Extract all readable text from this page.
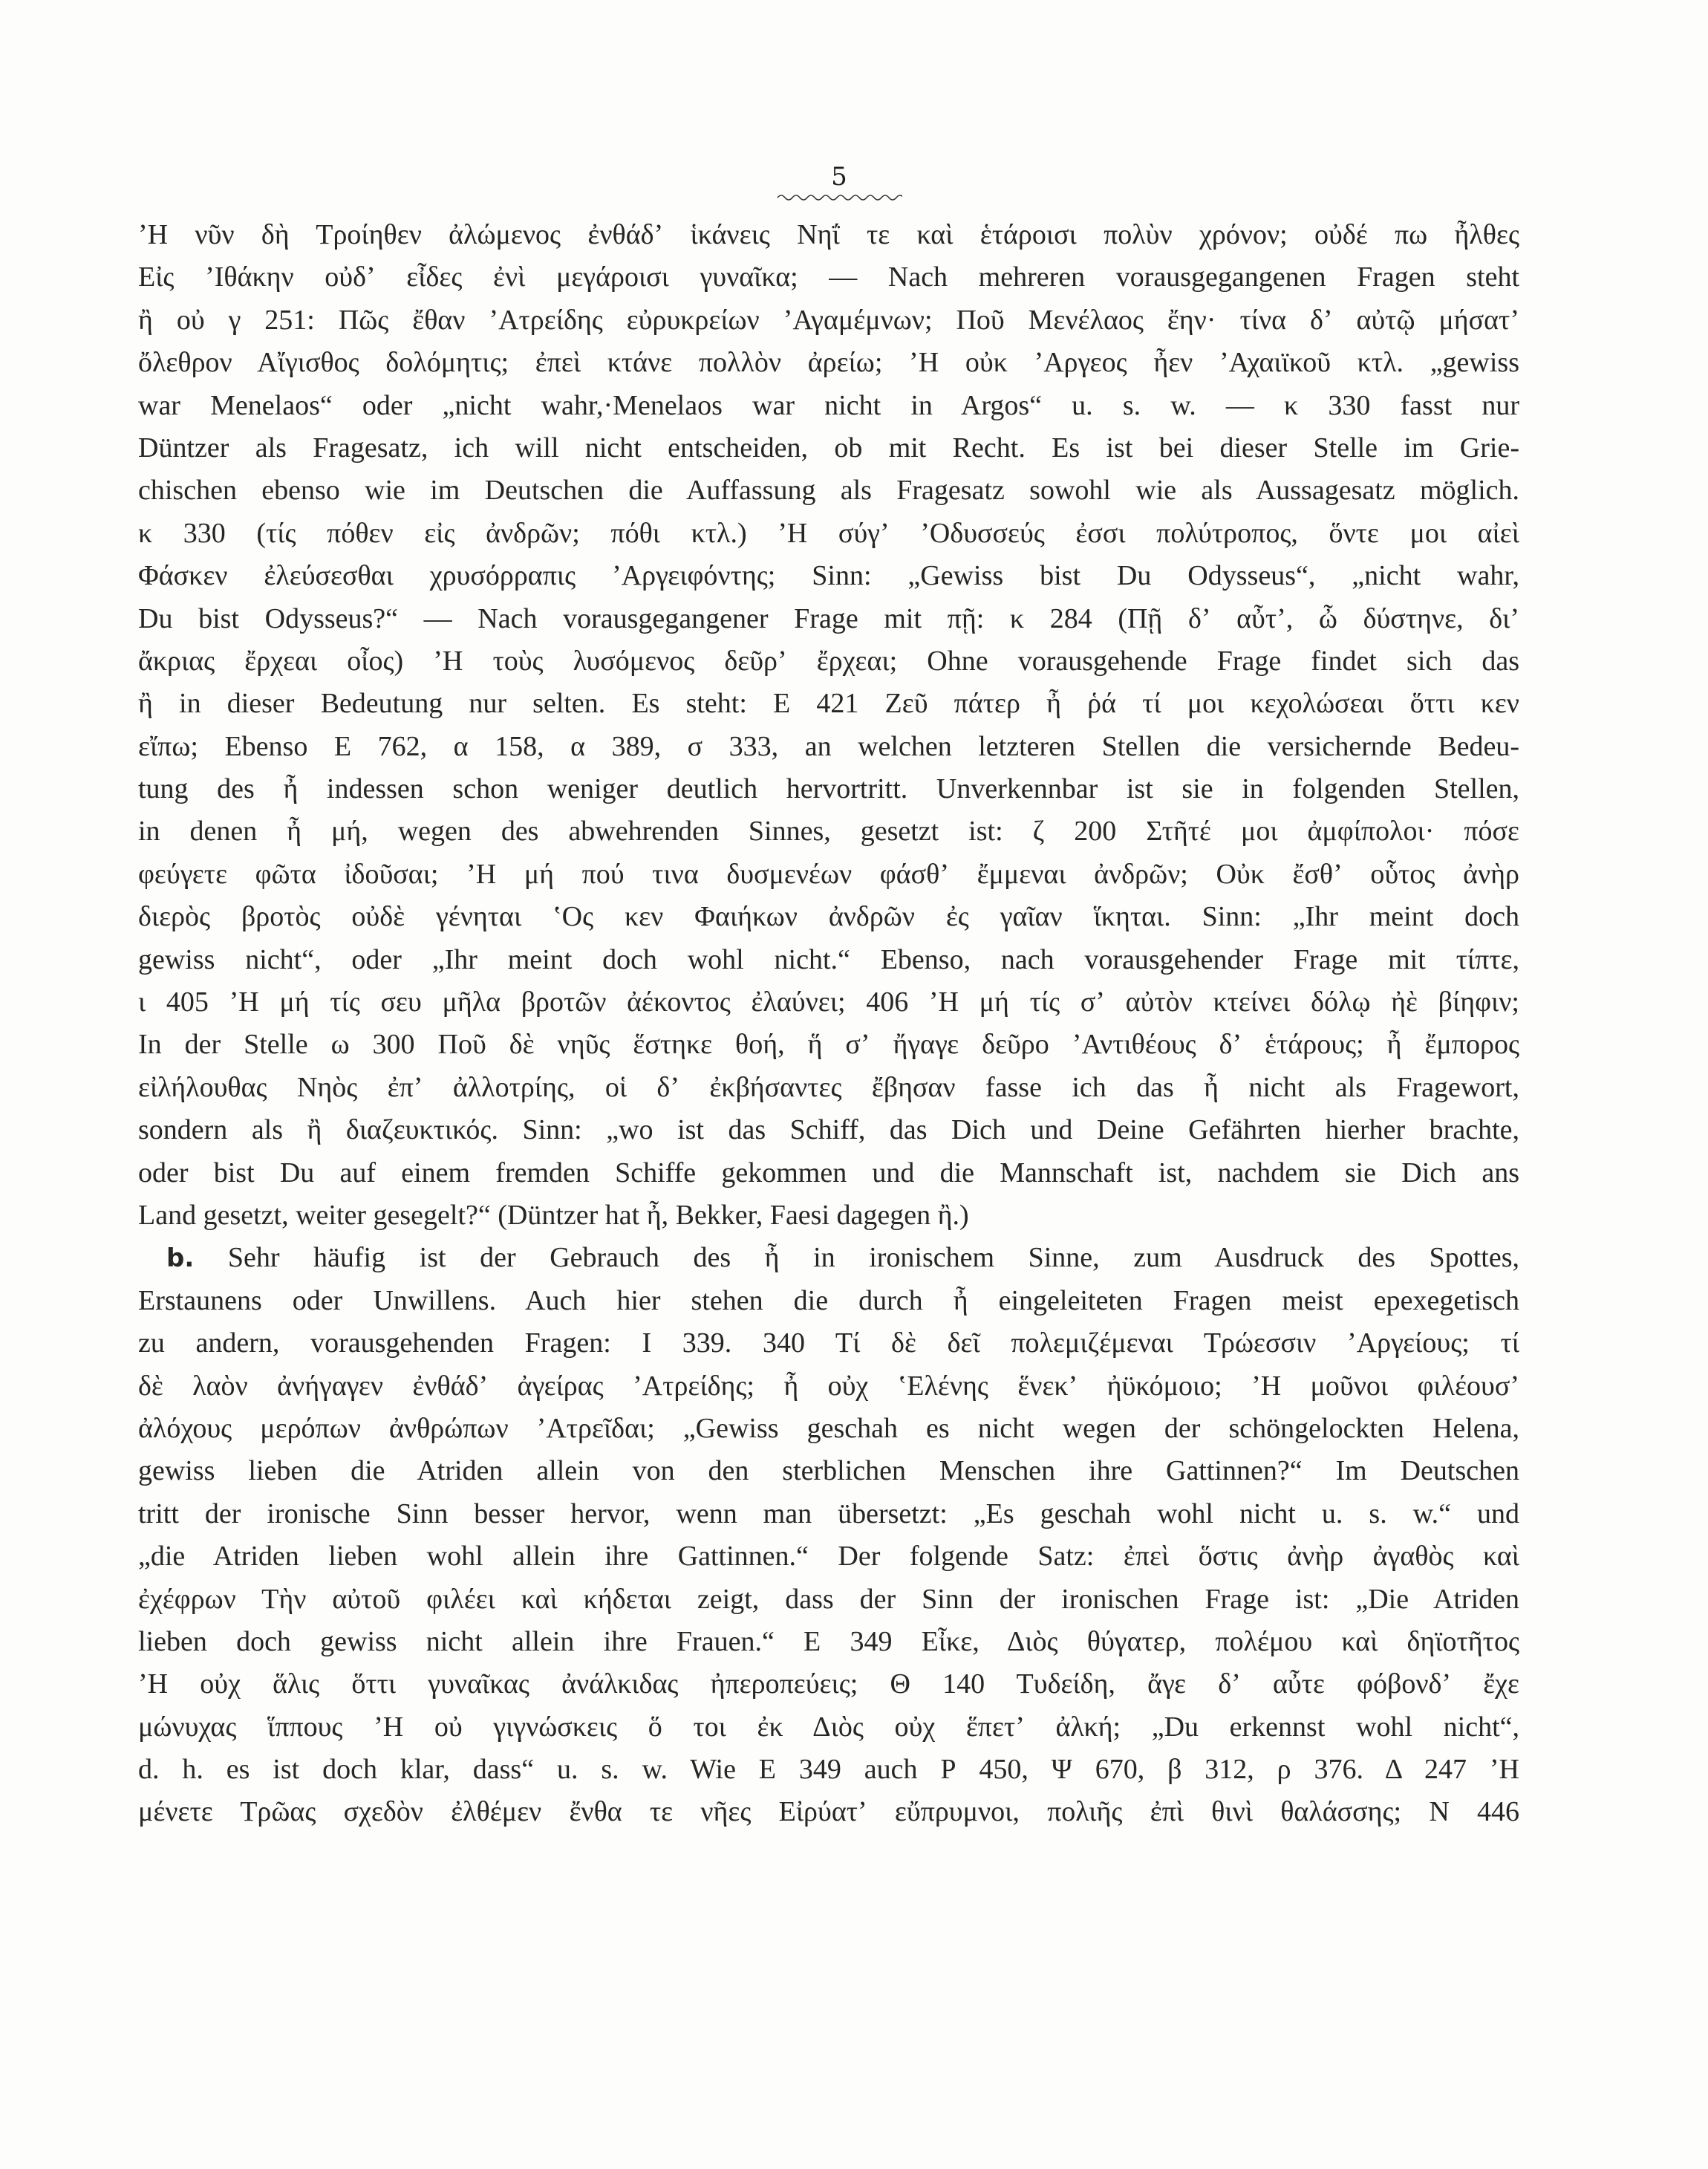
5
ʼΗ νῦν δὴ Τροίηθεν ἀλώμενος ἐνθάδʼ ἱκάνεις Νηΐ τε καὶ ἑτάροισι πολὺν χρόνον; οὐδέ πω ἦλθες
Εἰς ʼΙθάκην οὐδʼ εἶδες ἐνὶ μεγάροισι γυναῖκα; — Nach mehreren vorausgegangenen Fragen steht
ἢ οὐ γ 251: Πῶς ἔθαν ʼΑτρείδης εὐρυκρείων ʼΑγαμέμνων; Ποῦ Μενέλαος ἔην· τίνα δʼ αὐτῷ μήσατʼ
ὄλεθρον Αἴγισθος δολόμητις; ἐπεὶ κτάνε πολλὸν ἀρείω; ʼΗ οὐκ ʼΑργεος ἦεν ʼΑχαιϊκοῦ κτλ. „gewiss
war Menelaos“ oder „nicht wahr,·Menelaos war nicht in Argos“ u. s. w. — κ 330 fasst nur
Düntzer als Fragesatz, ich will nicht entscheiden, ob mit Recht. Es ist bei dieser Stelle im Grie-
chischen ebenso wie im Deutschen die Auffassung als Fragesatz sowohl wie als Aussagesatz möglich.
κ 330 (τίς πόθεν εἰς ἀνδρῶν; πόθι κτλ.) ʼΗ σύγʼ ʼΟδυσσεύς ἐσσι πολύτροπος, ὅντε μοι αἰεὶ
Φάσκεν ἐλεύσεσθαι χρυσόρραπις ʼΑργειφόντης; Sinn: „Gewiss bist Du Odysseus“, „nicht wahr,
Du bist Odysseus?“ — Nach vorausgegangener Frage mit πῇ: κ 284 (Πῇ δʼ αὖτʼ, ὦ δύστηνε, διʼ
ἄκριας ἔρχεαι οἶος) ʼΗ τοὺς λυσόμενος δεῦρʼ ἔρχεαι; Ohne vorausgehende Frage findet sich das
ἢ in dieser Bedeutung nur selten. Es steht: Ε 421 Ζεῦ πάτερ ἦ ῥά τί μοι κεχολώσεαι ὅττι κεν
εἴπω; Ebenso Ε 762, α 158, α 389, σ 333, an welchen letzteren Stellen die versichernde Bedeu-
tung des ἦ indessen schon weniger deutlich hervortritt. Unverkennbar ist sie in folgenden Stellen,
in denen ἦ μή, wegen des abwehrenden Sinnes, gesetzt ist: ζ 200 Στῆτέ μοι ἀμφίπολοι· πόσε
φεύγετε φῶτα ἰδοῦσαι; ʼΗ μή πού τινα δυσμενέων φάσθʼ ἔμμεναι ἀνδρῶν; Οὐκ ἔσθʼ οὗτος ἀνὴρ
διερὸς βροτὸς οὐδὲ γένηται ʽΟς κεν Φαιήκων ἀνδρῶν ἐς γαῖαν ἵκηται. Sinn: „Ihr meint doch
gewiss nicht“, oder „Ihr meint doch wohl nicht.“ Ebenso, nach vorausgehender Frage mit τίπτε,
ι 405 ʼΗ μή τίς σευ μῆλα βροτῶν ἀέκοντος ἐλαύνει; 406 ʼΗ μή τίς σʼ αὐτὸν κτείνει δόλῳ ἠὲ βίηφιν;
In der Stelle ω 300 Ποῦ δὲ νηῦς ἕστηκε θοή, ἥ σʼ ἤγαγε δεῦρο ʼΑντιθέους δʼ ἑτάρους; ἦ ἔμπορος
εἰλήλουθας Νηὸς ἐπʼ ἀλλοτρίης, οἱ δʼ ἐκβήσαντες ἔβησαν fasse ich das ἦ nicht als Fragewort,
sondern als ἢ διαζευκτικός. Sinn: „wo ist das Schiff, das Dich und Deine Gefährten hierher brachte,
oder bist Du auf einem fremden Schiffe gekommen und die Mannschaft ist, nachdem sie Dich ans
Land gesetzt, weiter gesegelt?“ (Düntzer hat ἦ, Bekker, Faesi dagegen ἢ.)
b. Sehr häufig ist der Gebrauch des ἦ in ironischem Sinne, zum Ausdruck des Spottes,
Erstaunens oder Unwillens. Auch hier stehen die durch ἦ eingeleiteten Fragen meist epexegetisch
zu andern, vorausgehenden Fragen: Ι 339. 340 Τί δὲ δεῖ πολεμιζέμεναι Τρώεσσιν ʼΑργείους; τί
δὲ λαὸν ἀνήγαγεν ἐνθάδʼ ἀγείρας ʼΑτρείδης; ἦ οὐχ ʽΕλένης ἕνεκʼ ἠϋκόμοιο; ʼΗ μοῦνοι φιλέουσʼ
ἀλόχους μερόπων ἀνθρώπων ʼΑτρεῖδαι; „Gewiss geschah es nicht wegen der schöngelockten Helena,
gewiss lieben die Atriden allein von den sterblichen Menschen ihre Gattinnen?“ Im Deutschen
tritt der ironische Sinn besser hervor, wenn man übersetzt: „Es geschah wohl nicht u. s. w.“ und
„die Atriden lieben wohl allein ihre Gattinnen.“ Der folgende Satz: ἐπεὶ ὅστις ἀνὴρ ἀγαθὸς καὶ
ἐχέφρων Τὴν αὐτοῦ φιλέει καὶ κήδεται zeigt, dass der Sinn der ironischen Frage ist: „Die Atriden
lieben doch gewiss nicht allein ihre Frauen.“ Ε 349 Εἶκε, Διὸς θύγατερ, πολέμου καὶ δηϊοτῆτος
ʼΗ οὐχ ἅλις ὅττι γυναῖκας ἀνάλκιδας ἠπεροπεύεις; Θ 140 Τυδείδη, ἄγε δʼ αὖτε φόβονδʼ ἔχε
μώνυχας ἵππους ʼΗ οὐ γιγνώσκεις ὅ τοι ἐκ Διὸς οὐχ ἕπετʼ ἀλκή; „Du erkennst wohl nicht“,
d. h. es ist doch klar, dass“ u. s. w. Wie Ε 349 auch Ρ 450, Ψ 670, β 312, ρ 376. Δ 247 ʼΗ
μένετε Τρῶας σχεδὸν ἐλθέμεν ἔνθα τε νῆες Εἰρύατʼ εὔπρυμνοι, πολιῆς ἐπὶ θινὶ θαλάσσης; Ν 446
